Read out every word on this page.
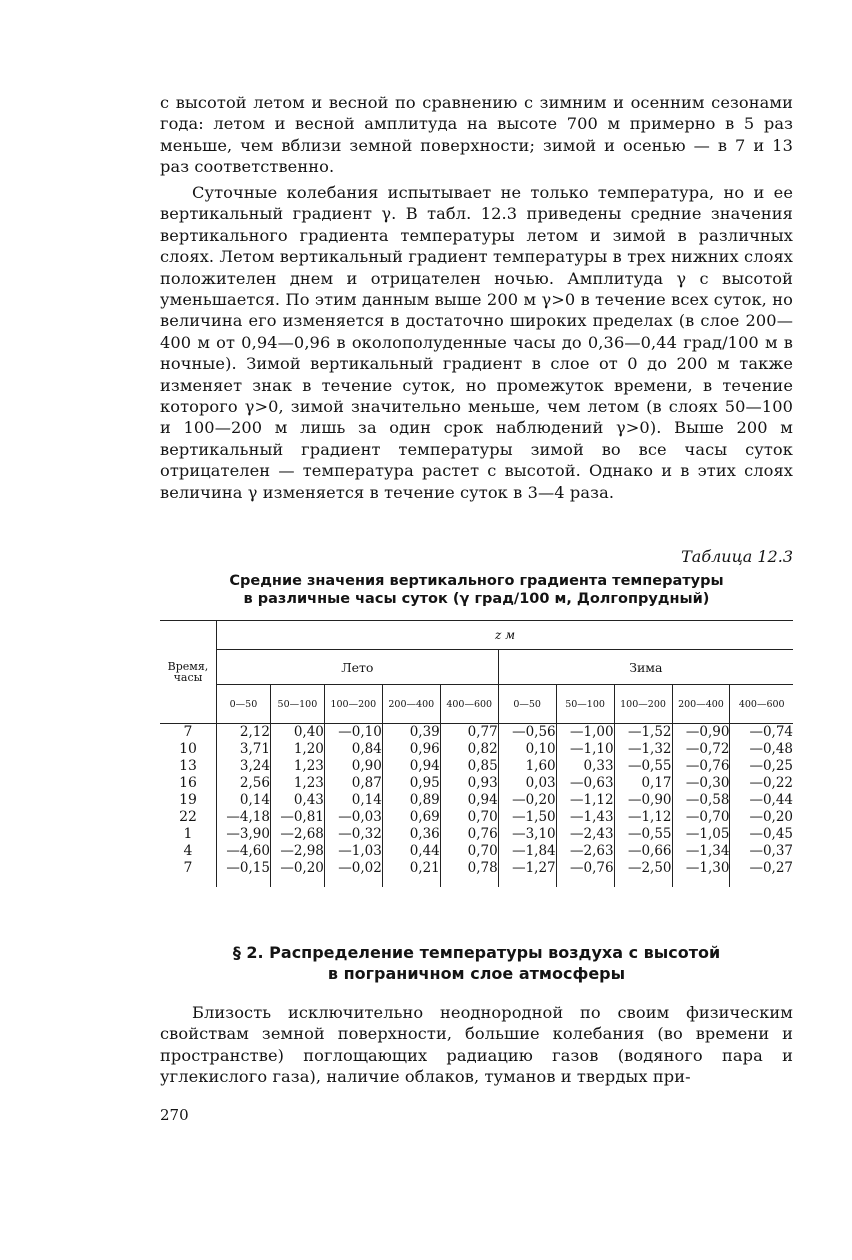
с высотой летом и весной по сравнению с зимним и осенним сезонами года: летом и весной амплитуда на высоте 700 м примерно в 5 раз меньше, чем вблизи земной поверхности; зимой и осенью — в 7 и 13 раз соответственно.

Суточные колебания испытывает не только температура, но и ее вертикальный градиент γ. В табл. 12.3 приведены средние значения вертикального градиента температуры летом и зимой в различных слоях. Летом вертикальный градиент температуры в трех нижних слоях положителен днем и отрицателен ночью. Амплитуда γ с высотой уменьшается. По этим данным выше 200 м γ>0 в течение всех суток, но величина его изменяется в достаточно широких пределах (в слое 200—400 м от 0,94—0,96 в околополуденные часы до 0,36—0,44 град/100 м в ночные). Зимой вертикальный градиент в слое от 0 до 200 м также изменяет знак в течение суток, но промежуток времени, в течение которого γ>0, зимой значительно меньше, чем летом (в слоях 50—100 и 100—200 м лишь за один срок наблюдений γ>0). Выше 200 м вертикальный градиент температуры зимой во все часы суток отрицателен — температура растет с высотой. Однако и в этих слоях величина γ изменяется в течение суток в 3—4 раза.

Таблица 12.3
Средние значения вертикального градиента температуры
в различные часы суток (γ град/100 м, Долгопрудный)
Время,
часы	z м									
	Лето					Зима				
	0—50	50—100	100—200	200—400	400—600	0—50	50—100	100—200	200—400	400—600
7	2,12	0,40	—0,10	0,39	0,77	—0,56	—1,00	—1,52	—0,90	—0,74
10	3,71	1,20	0,84	0,96	0,82	0,10	—1,10	—1,32	—0,72	—0,48
13	3,24	1,23	0,90	0,94	0,85	1,60	0,33	—0,55	—0,76	—0,25
16	2,56	1,23	0,87	0,95	0,93	0,03	—0,63	0,17	—0,30	—0,22
19	0,14	0,43	0,14	0,89	0,94	—0,20	—1,12	—0,90	—0,58	—0,44
22	—4,18	—0,81	—0,03	0,69	0,70	—1,50	—1,43	—1,12	—0,70	—0,20
1	—3,90	—2,68	—0,32	0,36	0,76	—3,10	—2,43	—0,55	—1,05	—0,45
4	—4,60	—2,98	—1,03	0,44	0,70	—1,84	—2,63	—0,66	—1,34	—0,37
7	—0,15	—0,20	—0,02	0,21	0,78	—1,27	—0,76	—2,50	—1,30	—0,27

§ 2. Распределение температуры воздуха с высотой
в пограничном слое атмосферы

Близость исключительно неоднородной по своим физическим свойствам земной поверхности, большие колебания (во времени и пространстве) поглощающих радиацию газов (водяного пара и углекислого газа), наличие облаков, туманов и твердых при-

270
